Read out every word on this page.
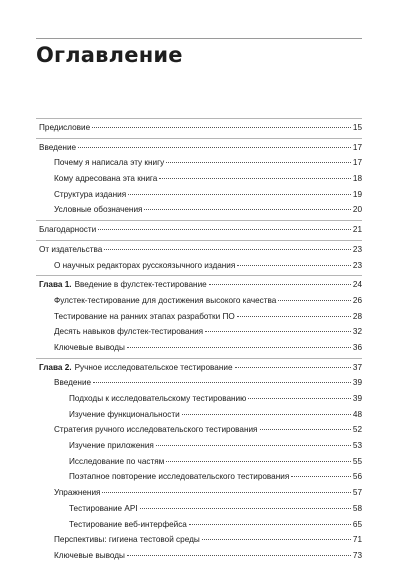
Оглавление
Предисловие	15
Введение	17
Почему я написала эту книгу	17
Кому адресована эта книга	18
Структура издания	19
Условные обозначения	20
Благодарности	21
От издательства	23
О научных редакторах русскоязычного издания	23
Глава 1. Введение в фулстек-тестирование	24
Фулстек-тестирование для достижения высокого качества	26
Тестирование на ранних этапах разработки ПО	28
Десять навыков фулстек-тестирования	32
Ключевые выводы	36
Глава 2. Ручное исследовательское тестирование	37
Введение	39
Подходы к исследовательскому тестированию	39
Изучение функциональности	48
Стратегия ручного исследовательского тестирования	52
Изучение приложения	53
Исследование по частям	55
Поэтапное повторение исследовательского тестирования	56
Упражнения	57
Тестирование API	58
Тестирование веб-интерфейса	65
Перспективы: гигиена тестовой среды	71
Ключевые выводы	73
